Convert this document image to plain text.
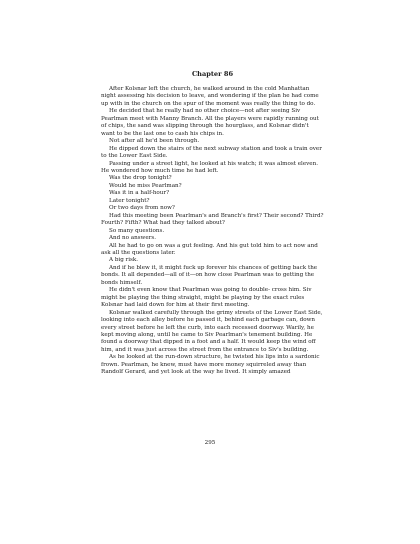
Chapter 86

After Kolsnar left the church, he walked around in the cold Manhattan night assessing his decision to leave, and wondering if the plan he had come up with in the church on the spur of the moment was really the thing to do.

He decided that he really had no other choice—not after seeing Siv Pearlman meet with Manny Branch. All the players were rapidly running out of chips, the sand was slipping through the hourglass, and Kolsnar didn't want to be the last one to cash his chips in.

Not after all he'd been through.

He dipped down the stairs of the next subway station and took a train over to the Lower East Side.

Passing under a street light, he looked at his watch; it was almost eleven. He wondered how much time he had left.

Was the drop tonight?

Would he miss Pearlman?

Was it in a half-hour?

Later tonight?

Or two days from now?

Had this meeting been Pearlman's and Branch's first? Their second? Third? Fourth? Fifth? What had they talked about?

So many questions.

And no answers.

All he had to go on was a gut feeling. And his gut told him to act now and ask all the questions later.

A big risk.

And if he blew it, it might fuck up forever his chances of getting back the bonds. It all depended—all of it—on how close Pearlman was to getting the bonds himself.

He didn't even know that Pearlman was going to double- cross him. Siv might be playing the thing straight, might be playing by the exact rules Kolsnar had laid down for him at their first meeting.

Kolsnar walked carefully through the grimy streets of the Lower East Side, looking into each alley before he passed it, behind each garbage can, down every street before he left the curb, into each recessed doorway. Warily, he kept moving along, until he came to Siv Pearlman's tenement building. He found a doorway that dipped in a foot and a half. It would keep the wind off him, and it was just across the street from the entrance to Siv's building.

As he looked at the run-down structure, he twisted his lips into a sardonic frown. Pearlman, he knew, must have more money squirreled away than Randolf Gerard, and yet look at the way he lived. It simply amazed

295
